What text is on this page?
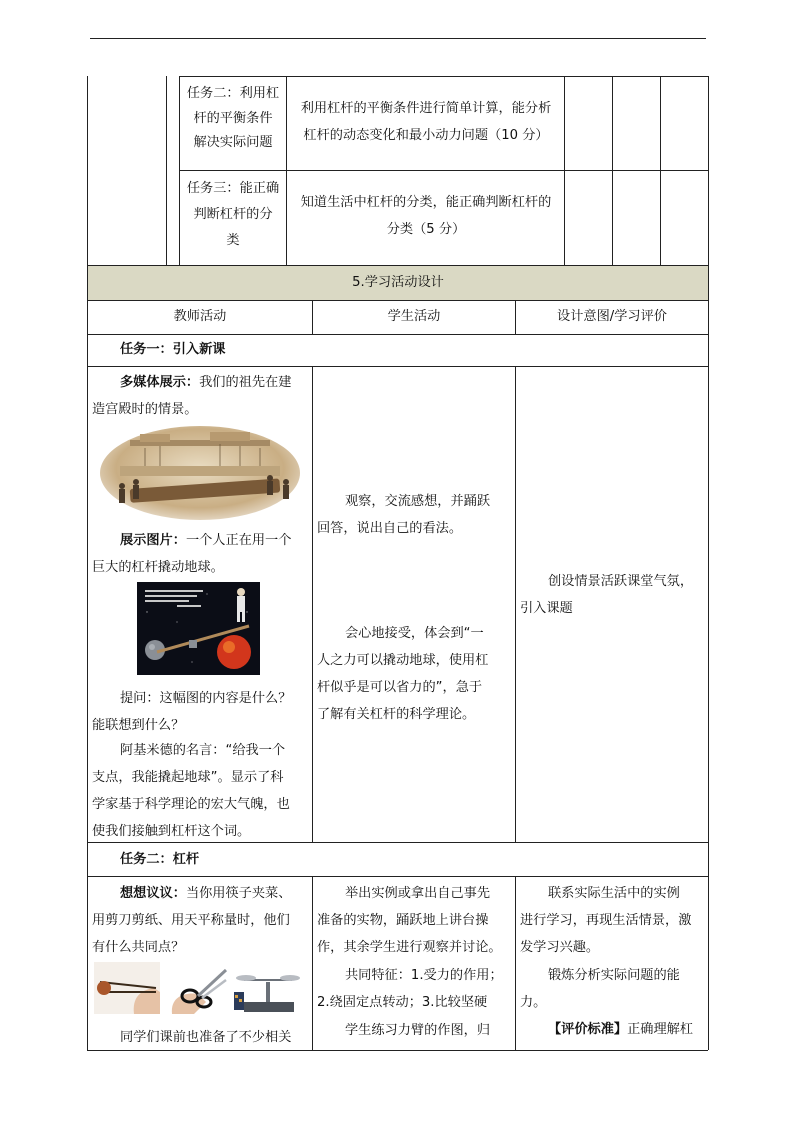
任务二：利用杠
杆的平衡条件
解决实际问题
利用杠杆的平衡条件进行简单计算，能分析
杠杆的动态变化和最小动力问题（10 分）
任务三：能正确
判断杠杆的分
类
知道生活中杠杆的分类，能正确判断杠杆的
分类（5 分）
5.学习活动设计
教师活动	学生活动	设计意图/学习评价
任务一：引入新课
多媒体展示：我们的祖先在建
造宫殿时的情景。
展示图片：一个人正在用一个
巨大的杠杆撬动地球。
提问：这幅图的内容是什么？
能联想到什么？
阿基米德的名言：“给我一个
支点，我能撬起地球”。显示了科
学家基于科学理论的宏大气魄，也
使我们接触到杠杆这个词。
观察，交流感想，并踊跃
回答，说出自己的看法。
会心地接受，体会到“一
人之力可以撬动地球，使用杠
杆似乎是可以省力的”，急于
了解有关杠杆的科学理论。
创设情景活跃课堂气氛，
引入课题
任务二：杠杆
想想议议：当你用筷子夹菜、
用剪刀剪纸、用天平称量时，他们
有什么共同点？
同学们课前也准备了不少相关
举出实例或拿出自己事先
准备的实物，踊跃地上讲台操
作，其余学生进行观察并讨论。
共同特征：1.受力的作用；
2.绕固定点转动；3.比较坚硬
学生练习力臂的作图，归
联系实际生活中的实例
进行学习，再现生活情景，激
发学习兴趣。
锻炼分析实际问题的能
力。
【评价标准】正确理解杠
